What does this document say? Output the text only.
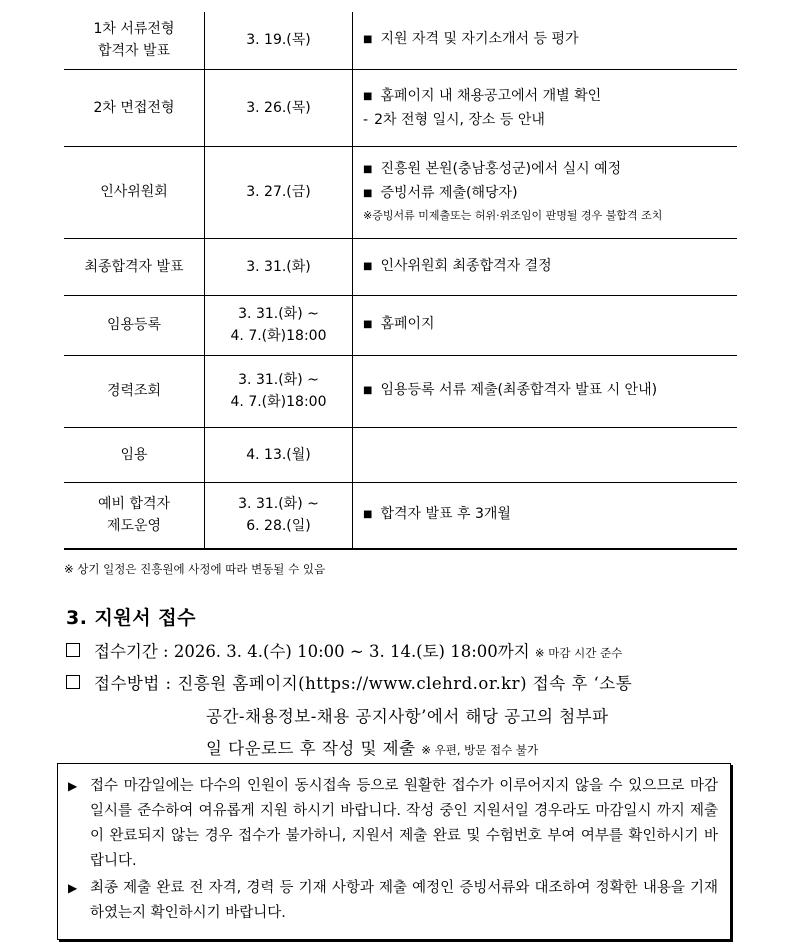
1차 서류전형
합격자 발표	3. 19.(목)	■ 지원 자격 및 자기소개서 등 평가

2차 면접전형	3. 26.(목)	■ 홈페이지 내 채용공고에서 개별 확인
- 2차 전형 일시, 장소 등 안내

인사위원회	3. 27.(금)	■ 진흥원 본원(충남홍성군)에서 실시 예정
■ 증빙서류 제출(해당자)
※증빙서류 미제출또는 허위·위조임이 판명될 경우 불합격 조치

최종합격자 발표	3. 31.(화)	■ 인사위원회 최종합격자 결정

임용등록	3. 31.(화) ~
4. 7.(화)18:00	■ 홈페이지

경력조회	3. 31.(화) ~
4. 7.(화)18:00	■ 임용등록 서류 제출(최종합격자 발표 시 안내)

임용	4. 13.(월)	

예비 합격자
제도운영	3. 31.(화) ~
6. 28.(일)	■ 합격자 발표 후 3개월
※ 상기 일정은 진흥원에 사정에 따라 변동될 수 있음
3. 지원서 접수
접수기간 : 2026. 3. 4.(수) 10:00 ~ 3. 14.(토) 18:00까지 ※ 마감 시간 준수
접수방법 : 진흥원 홈페이지(https://www.clehrd.or.kr) 접속 후 ‘소통
공간-채용정보-채용 공지사항’에서 해당 공고의 첨부파
일 다운로드 후 작성 및 제출 ※ 우편, 방문 접수 불가
▶ 접수 마감일에는 다수의 인원이 동시접속 등으로 원활한 접수가 이루어지지 않을 수 있으므로 마감 일시를 준수하여 여유롭게 지원 하시기 바랍니다. 작성 중인 지원서일 경우라도 마감일시 까지 제출이 완료되지 않는 경우 접수가 불가하니, 지원서 제출 완료 및 수험번호 부여 여부를 확인하시기 바랍니다.
▶ 최종 제출 완료 전 자격, 경력 등 기재 사항과 제출 예정인 증빙서류와 대조하여 정확한 내용을 기재하였는지 확인하시기 바랍니다.
